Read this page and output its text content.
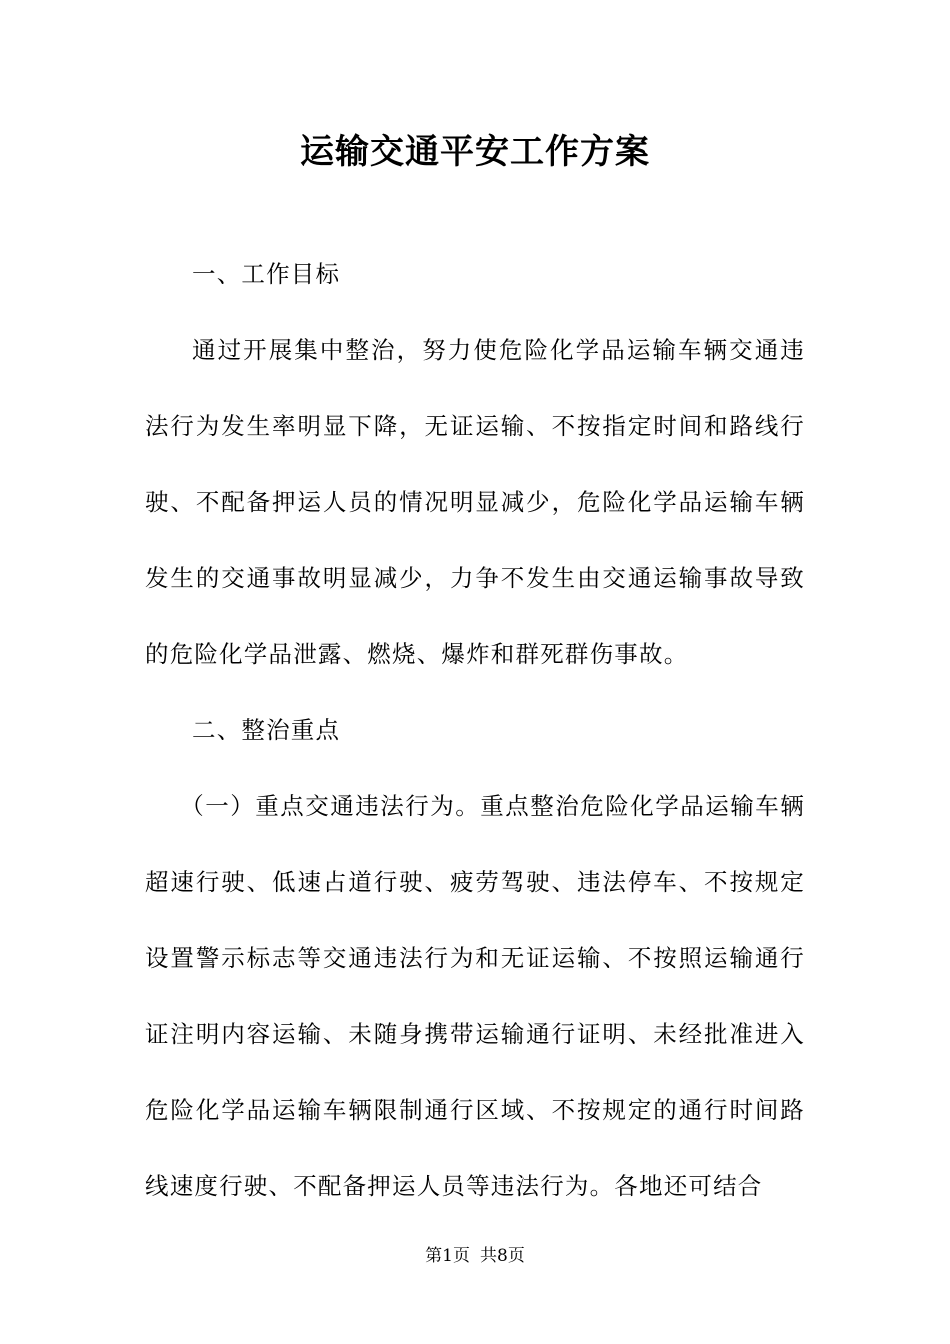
运输交通平安工作方案

一、工作目标

通过开展集中整治，努力使危险化学品运输车辆交通违法行为发生率明显下降，无证运输、不按指定时间和路线行驶、不配备押运人员的情况明显减少，危险化学品运输车辆发生的交通事故明显减少，力争不发生由交通运输事故导致的危险化学品泄露、燃烧、爆炸和群死群伤事故。

二、整治重点

（一）重点交通违法行为。重点整治危险化学品运输车辆超速行驶、低速占道行驶、疲劳驾驶、违法停车、不按规定设置警示标志等交通违法行为和无证运输、不按照运输通行证注明内容运输、未随身携带运输通行证明、未经批准进入危险化学品运输车辆限制通行区域、不按规定的通行时间路线速度行驶、不配备押运人员等违法行为。各地还可结合

第1页 共8页
